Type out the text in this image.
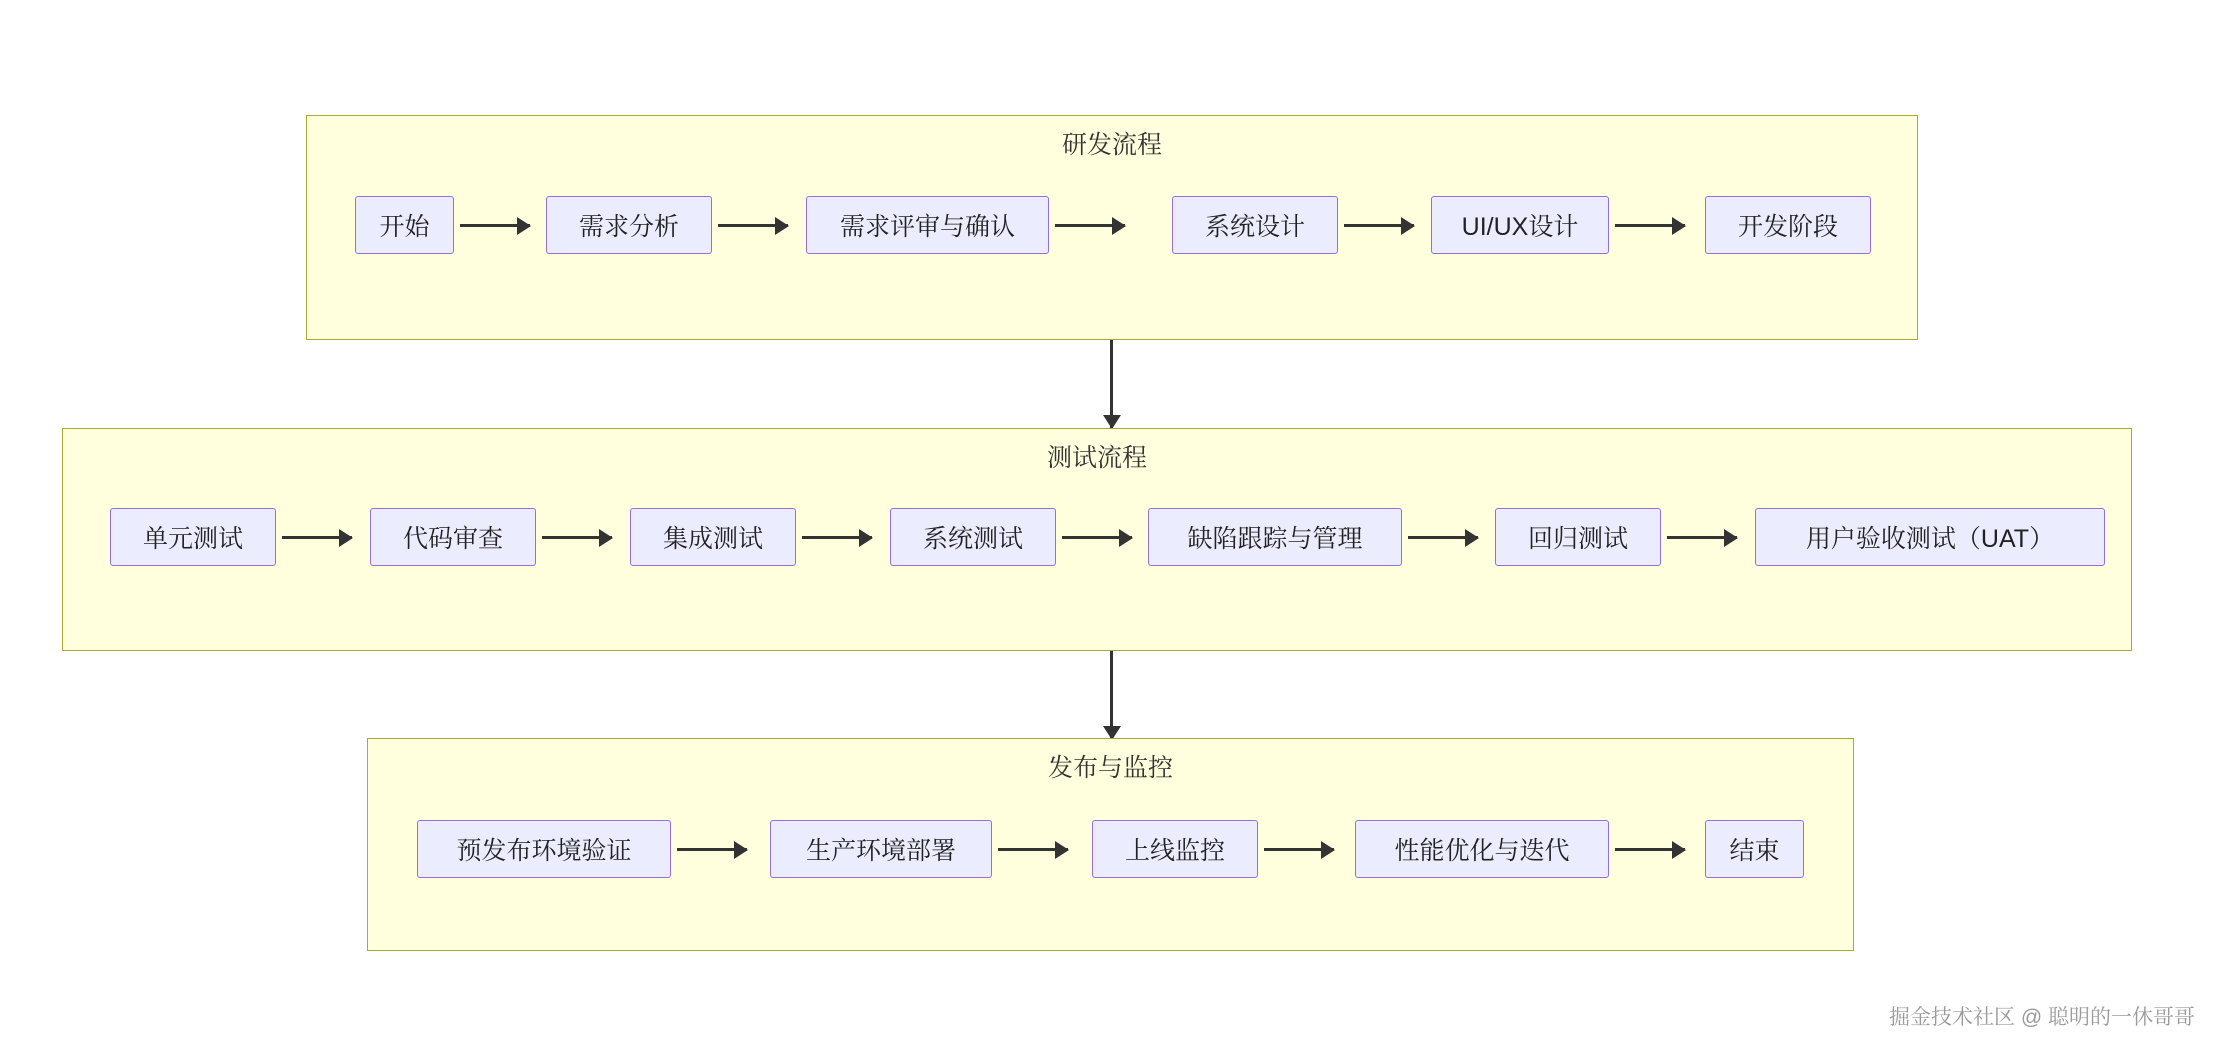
研发流程
开始	需求分析	需求评审与确认	系统设计	UI/UX设计	开发阶段
测试流程
单元测试	代码审查	集成测试	系统测试	缺陷跟踪与管理	回归测试	用户验收测试（UAT）
发布与监控
预发布环境验证	生产环境部署	上线监控	性能优化与迭代	结束
掘金技术社区 @ 聪明的一休哥哥
